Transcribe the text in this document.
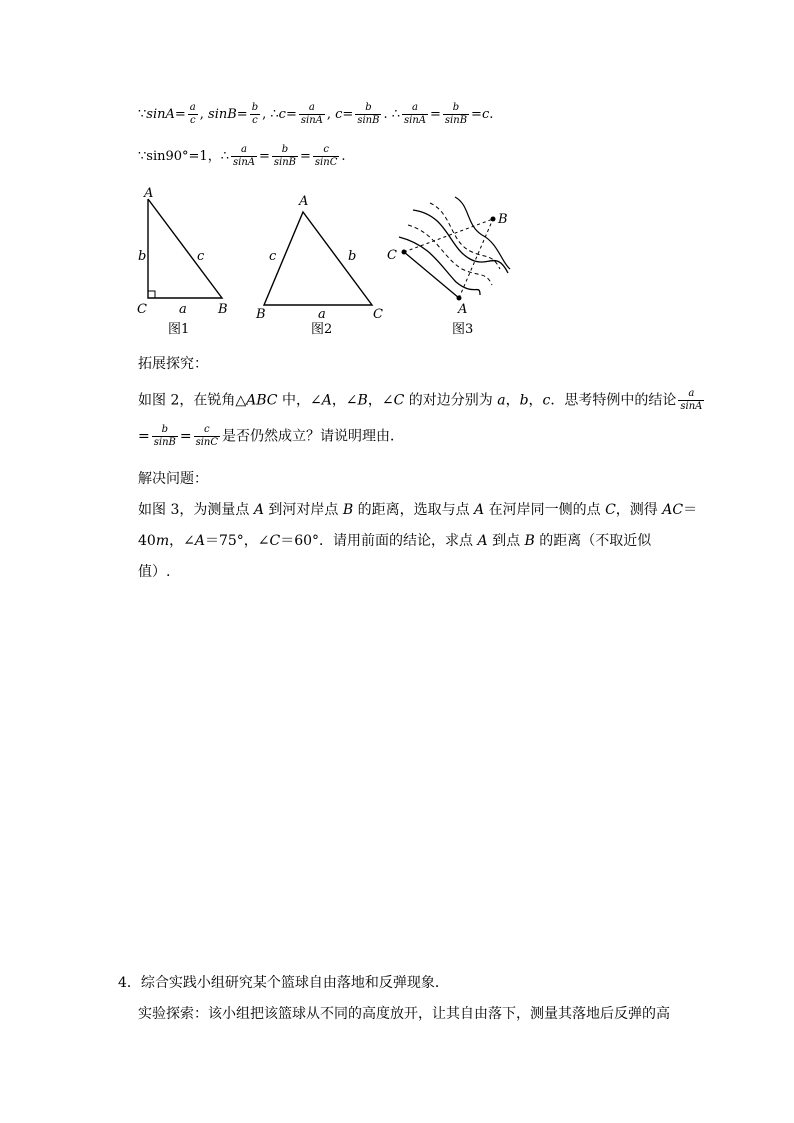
∵sinA= $\frac{a}{c}$ , $\sin B= \frac{b}{c}$ , ∴c= $\frac{a}{\sin A}$ , $c= \frac{b}{\sin B}$ . ∴ $\frac{a}{\sin A} = \frac{b}{\sin B} =c$.
∵sin90°=1，∴ $\frac{a}{\sin A} = \frac{b}{\sin B} = \frac{c}{\sin C}$ .
A
b	c
C a B
图1
A
c	b
B	a	C
图2
C
B
A
图3
拓展探究：
如图 2，在锐角△ABC 中，∠A，∠B，∠C 的对边分别为 a，b，c．思考特例中的结论 $\frac{a}{\sin A}$
= $\frac{b}{\sin B} = \frac{c}{\sin C}$ 是否仍然成立？请说明理由．
解决问题：
如图 3，为测量点 A 到河对岸点 B 的距离，选取与点 A 在河岸同一侧的点 C，测得 AC＝
40m，∠A＝75°，∠C＝60°．请用前面的结论，求点 A 到点 B 的距离（不取近似
值）.
4．综合实践小组研究某个篮球自由落地和反弹现象．
实验探索：该小组把该篮球从不同的高度放开，让其自由落下，测量其落地后反弹的高
